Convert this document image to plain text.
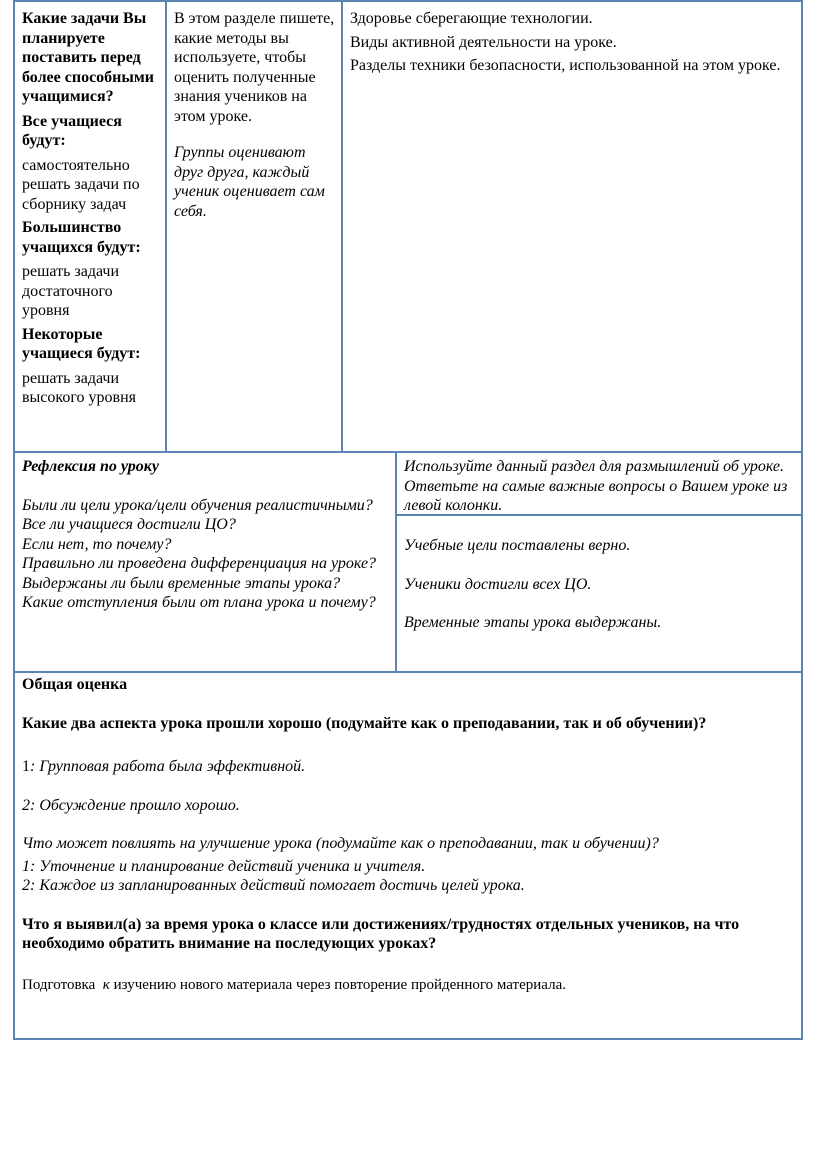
Какие задачи Вы планируете поставить перед более способными учащимися?

Все учащиеся будут:

самостоятельно решать задачи по сборнику задач

Большинство учащихся будут:

решать задачи достаточного уровня

Некоторые учащиеся будут:

решать задачи высокого уровня

В этом разделе пишете, какие методы вы используете, чтобы оценить полученные знания учеников на этом уроке.

Группы оценивают друг друга, каждый ученик оценивает сам себя.

Здоровье сберегающие технологии.

Виды активной деятельности на уроке.

Разделы техники безопасности, использованной на этом уроке.

Рефлексия по уроку

Были ли цели урока/цели обучения реалистичными?

Все ли учащиеся достигли ЦО?

Если нет, то почему?

Правильно ли проведена дифференциация на уроке?

Выдержаны ли были временные этапы урока?

Какие отступления были от плана урока и почему?

Используйте данный раздел для размышлений об уроке. Ответьте на самые важные вопросы о Вашем уроке из левой колонки.

Учебные цели поставлены верно.

Ученики достигли всех ЦО.

Временные этапы урока выдержаны.

Общая оценка

Какие два аспекта урока прошли хорошо (подумайте как о преподавании, так и об обучении)?

1: Групповая работа была эффективной.

2: Обсуждение прошло хорошо.

Что может повлиять на улучшение урока (подумайте как о преподавании, так и обучении)?

1: Уточнение и планирование действий ученика и учителя.

2: Каждое из запланированных действий помогает достичь целей урока.

Что я выявил(а) за время урока о классе или достижениях/трудностях отдельных учеников, на что необходимо обратить внимание на последующих уроках?

Подготовка к изучению нового материала через повторение пройденного материала.
